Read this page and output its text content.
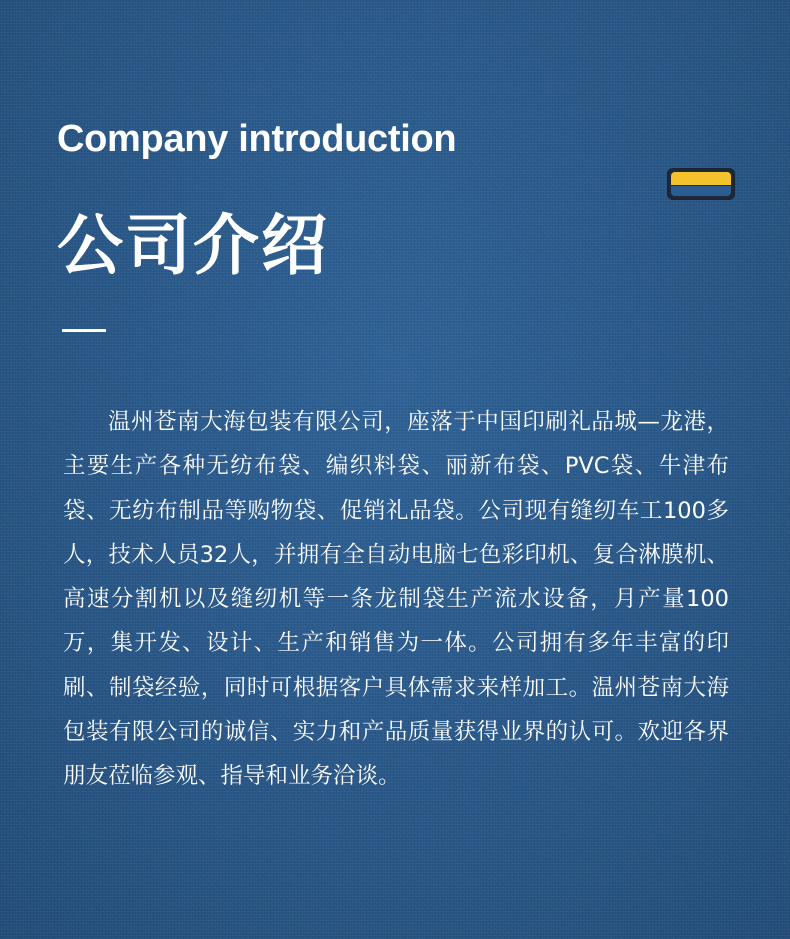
Company introduction
公司介绍

温州苍南大海包装有限公司，座落于中国印刷礼品城—龙港，主要生产各种无纺布袋、编织料袋、丽新布袋、PVC袋、牛津布袋、无纺布制品等购物袋、促销礼品袋。公司现有缝纫车工100多人，技术人员32人，并拥有全自动电脑七色彩印机、复合淋膜机、高速分割机以及缝纫机等一条龙制袋生产流水设备，月产量100万，集开发、设计、生产和销售为一体。公司拥有多年丰富的印刷、制袋经验，同时可根据客户具体需求来样加工。温州苍南大海包装有限公司的诚信、实力和产品质量获得业界的认可。欢迎各界朋友莅临参观、指导和业务洽谈。
